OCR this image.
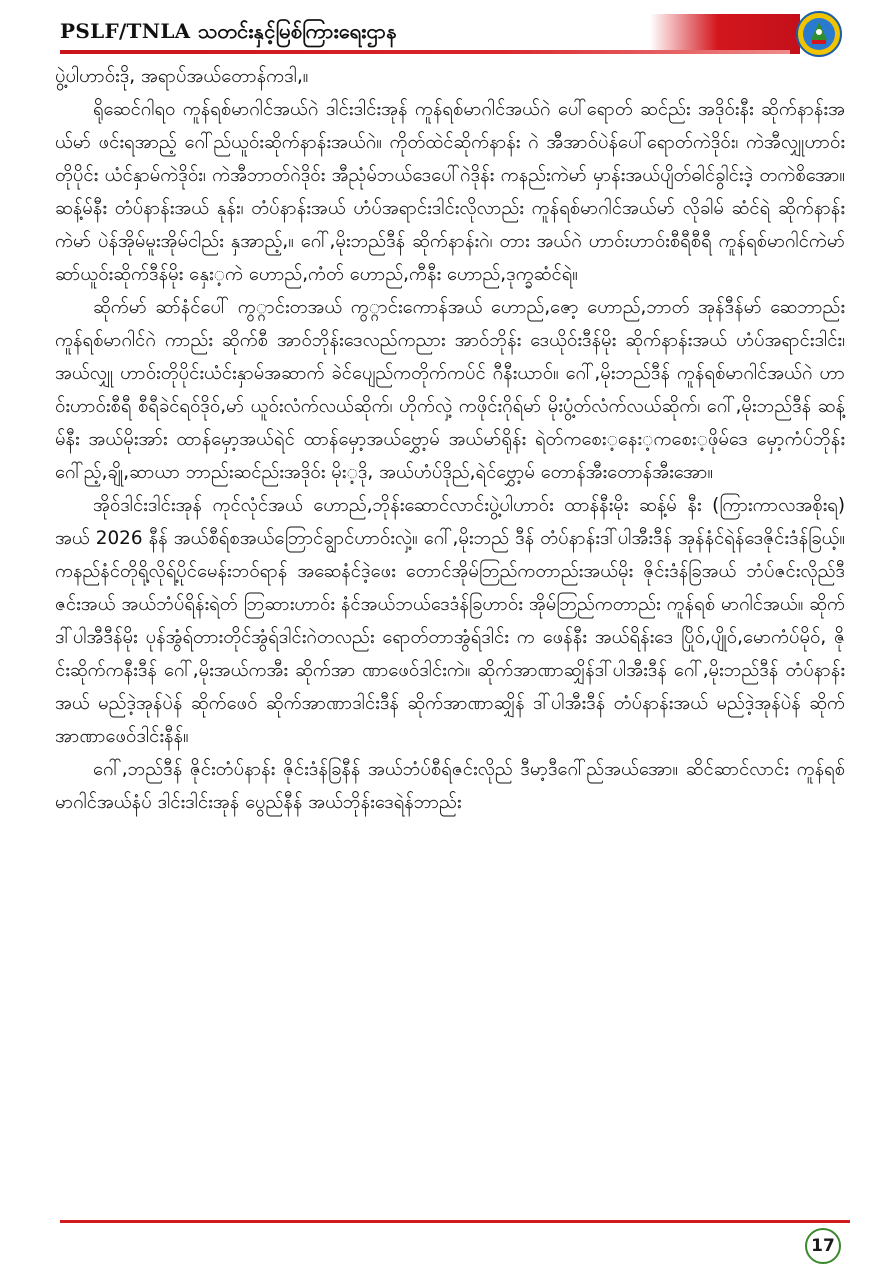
PSLF/TNLA သတင်းနှင့်မြစ်ကြားရေးဌာန

ပွဲ့ပါဟာဝ်းဒို, အရာပ်အယ်တောန်ကဒါ,။

ရိုဆေင်ဂါရဝ ကူန်ရစ်မာဂါင်အယ်ဂဲ ဒါင်းဒါင်းအုန် ကူန်ရစ်မာဂါင်အယ်ဂဲ ပေါ်ရောတ် ဆင်ည်း အဒိုဝ်းနီး ဆိုက်နာန်းအယ်မာ် ဖင်းရအာည့် ဂေါ်ည်ယူဝ်းဆိုက်နာန်းအယ်ဂဲ။ ကိုတ်ထဲင်ဆိုက်နာန်း ဂဲ အီအာဝ်ပဲန်ပေါ်ရောတ်ကဲဒိုဝ်း၊ ကဲအီလျှုဟာဝ်းတိုပိုင်း ယံင်နှာမ်ကဲဒိုဝ်း၊ ကဲအီဘာတ်ဂဲဒိုဝ်း အီညုံမ်ဘယ်ဒေပေါ်ဂဲဒိုန်း ကနည်းကဲမာ် မှာန်းအယ်ပျိတ်ဓါင်ခွါင်းဒဲ့ တကဲစိအော။ ဆန့်မ်နီး တံပ်နာန်းအယ် နုန်း၊ တံပ်နာန်းအယ် ဟံပ်အရာင်းဒါင်းလိုလာည်း ကူန်ရစ်မာဂါင်အယ်မာ် လိုခါမ် ဆံင်ရဲ ဆိုက်နာန်းကဲမာ် ပဲန်အိုမ်မူးအိုမ်ငါည်း နှအာည့်,။ ဂေါ်,မိုးဘည်ဒီန် ဆိုက်နာန်းဂဲ၊ တား အယ်ဂဲ ဟာဝ်းဟာဝ်းစီရီစီရီ ကူန်ရစ်မာဂါင်ကဲမာ် ဆာ်ယူဝ်းဆိုက်ဒီန်မိုး နှေး့ကဲ ဟောည်,ကံတ် ဟောည်,ကီနီး ဟောည်,ဒုက္ခဆံင်ရဲ။

ဆိုက်မာ် ဆာ်နံင်ပေါ် ကွ္ဂာင်းတအယ် ကွ္ဂာင်းကောန်အယ် ဟောည်,ဇော့ ဟောည်,ဘာတ် အုန်ဒီန်မာ် ဆေဘာည်း ကူန်ရစ်မာဂါင်ဂဲ ကာည်း ဆိုက်စီ အာဝ်ဘိုန်းဒေလည်ကညား အာဝ်ဘိုန်း ဒေယိုဝ်းဒီန်မိုး ဆိုက်နာန်းအယ် ဟံပ်အရာင်းဒါင်း၊ အယ်လျှု ဟာဝ်းတိုပိုင်းယံင်းနှာမ်အဆာက် ခဲင်ပျေည်ကတိုက်ကပ်င် ဂီနီးယာဝ်။ ဂေါ်,မိုးဘည်ဒီန် ကူန်ရစ်မာဂါင်အယ်ဂဲ ဟာဝ်းဟာဝ်းစီရီ စီရီခဲင်ရဝ်ဒိုဝ်,မာ် ယူဝ်းလံက်လယ်ဆိုက်၊ ဟိုက်လှဲ့ ကဖိုင်းဂိုရ်မာ် မိုးပွံ့တ်လံက်လယ်ဆိုက်၊ ဂေါ်,မိုးဘည်ဒီန် ဆန့်မ်နီး အယ်မိုးအာ်း ထာန်မှော့အယ်ရဲင် ထာန်မှော့အယ်ဗွှော့မ် အယ်မာ်ရိုန်း ရဲတ်ကစေး့နေး့ကစေး့ဖိုမ်ဒေ မှော့ကံပ်ဘိုန်း ဂေါ်ည့်,ချို,ဆာယာ ဘာည်းဆင်ည်းအဒိုဝ်း မိုး့ဒို, အယ်ဟံပ်ဒိုည်,ရဲင်ဗွှော့မ် တောန်အီးတောန်အီးအော။

အိုဝ်ဒါင်းဒါင်းအုန် ကုင်လုံင်အယ် ဟောည်,ဘိုန်းဆောင်လာင်းပွဲ့ပါဟာဝ်း ထာန်နီးမိုး ဆန့်မ် နီး (ကြားကာလအစိုးရ) အယ် 2026 နီန် အယ်စီရ်စအယ်ဘြောင်ချွာင်ဟာဝ်းလှဲ့။ ဂေါ်,မိုးဘည် ဒီန် တံပ်နာန်းဒါ်ပါအီးဒီန် အုန်နံင်ရဲန်ဒေဇိုင်းဒံန်ခြယ့်။ ကနည်နံင်တိုရို့လိုရ့်ပိုင်မေန်းဘဝ်ရာန် အဆေနံင်ဒဲ့ဖေး တောင်အိုမ်ဘြည်ကတာည်းအယ်မိုး ဇိုင်းဒံန်ခြအယ် ဘံပ်ဇင်းလိုည်ဒီဇင်းအယ် အယ်ဘံပ်ရိန်းရဲတ် ဘြဆားဟာဝ်း နံင်အယ်ဘယ်ဒေဒံန်ခြဟာဝ်း အိုမ်ဘြည်ကတာည်း ကူန်ရစ် မာဂါင်အယ်။ ဆိုက်ဒါ်ပါအီဒီန်မိုး ပုန်အွံရ်တားတိုင်အွံရ်ဒါင်းဂဲတလည်း ရောတ်တာအွံရ်ဒါင်း က ဖေန်နီး အယ်ရိန်းဒေ ပြိုဝ်,ပျိုဝ်,မောကံပ်မိုဝ်, ဇိုင်းဆိုက်ကနီးဒီန် ဂေါ်,မိုးအယ်ကအီး ဆိုက်အာ ဏာဖေဝ်ဒါင်းကဲ။ ဆိုက်အာဏာဆျှိန်ဒါ်ပါအီးဒီန် ဂေါ်,မိုးဘည်ဒီန် တံပ်နာန်းအယ် မည်ဒဲ့အုန်ပဲန် ဆိုက်ဖေဝ် ဆိုက်အာဏာဒါင်းဒီန် ဆိုက်အာဏာဆျှိန် ဒါ်ပါအီးဒီန် တံပ်နာန်းအယ် မည်ဒဲ့အုန်ပဲန် ဆိုက်အာဏာဖေဝ်ဒါင်းနီန်။

ဂေါ်,ဘည်ဒီန် ဇိုင်းတံပ်နာန်း ဇိုင်းဒံန်ခြနီန် အယ်ဘံပ်စီရ်ဇင်းလိုည် ဒီမာ့ဒီဂေါ်ည်အယ်အော။ ဆိင်ဆာင်လာင်း ကူန်ရစ်မာဂါင်အယ်နံပ် ဒါင်းဒါင်းအုန် ပွေည်နီန် အယ်ဘိုန်းဒေရဲန်ဘာည်း

17
